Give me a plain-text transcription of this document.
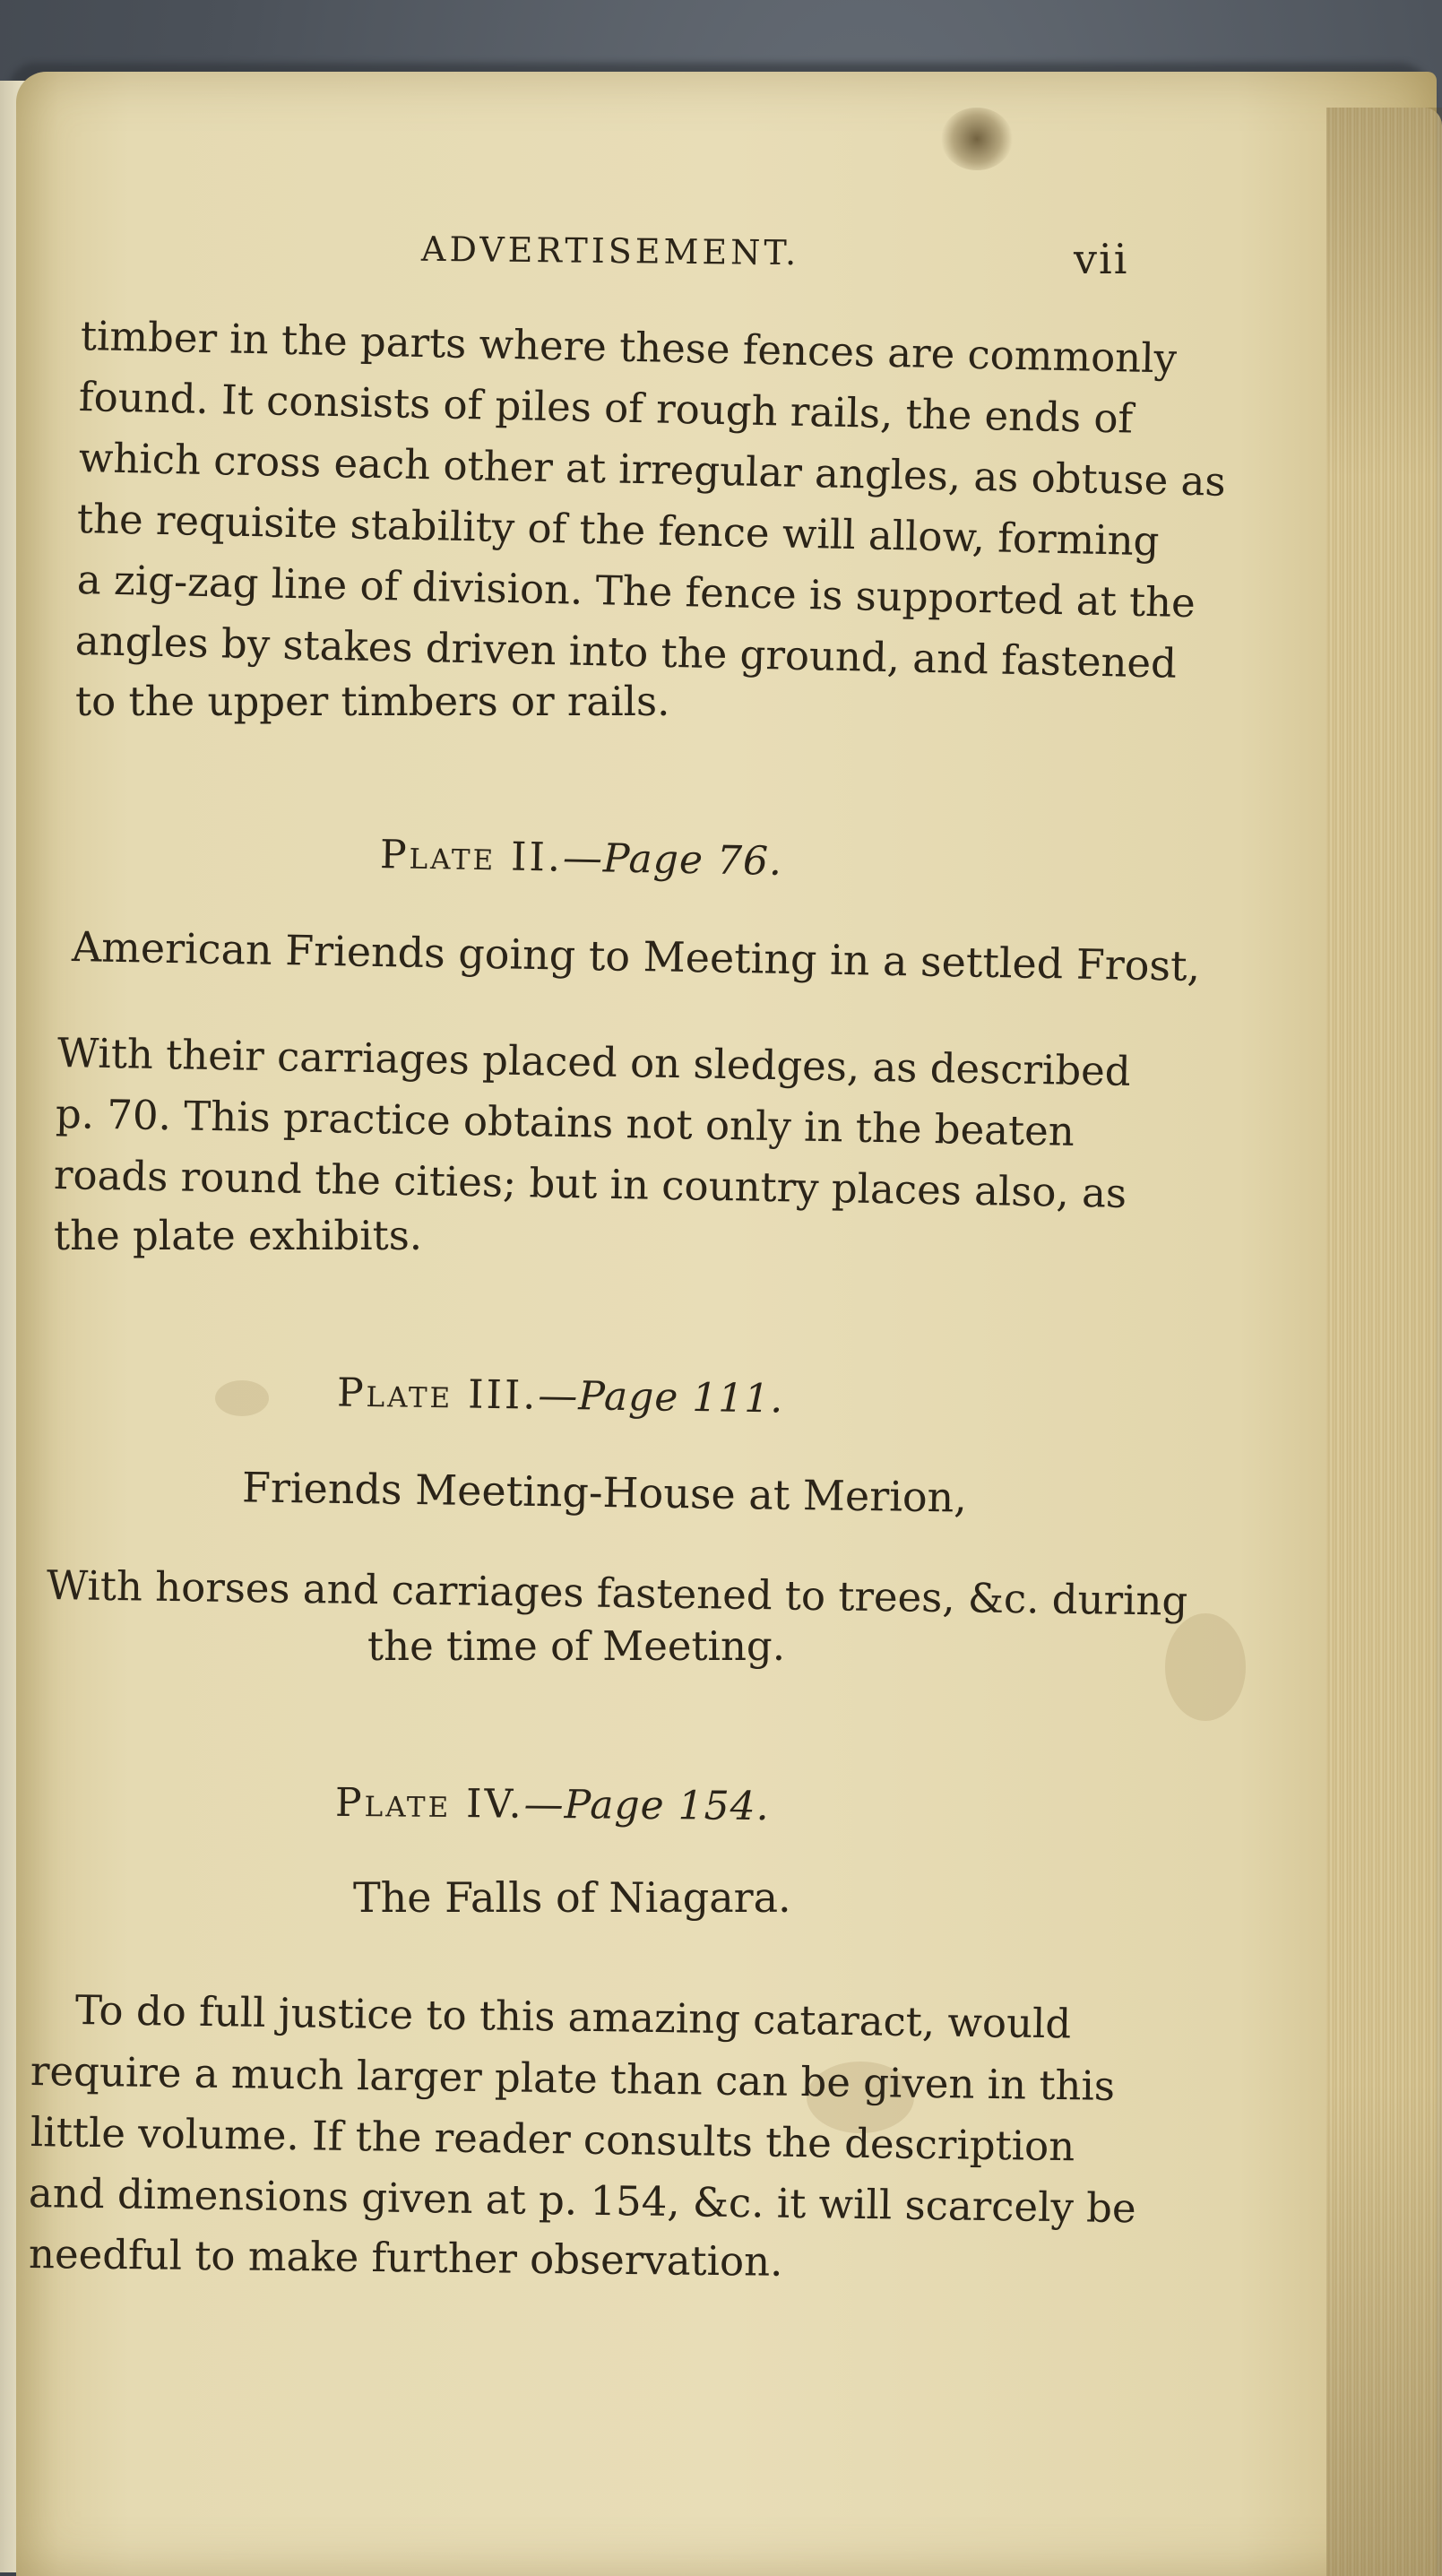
ADVERTISEMENT.	vii
timber in the parts where these fences are commonly
found. It consists of piles of rough rails, the ends of
which cross each other at irregular angles, as obtuse as
the requisite stability of the fence will allow, forming
a zig-zag line of division. The fence is supported at the
angles by stakes driven into the ground, and fastened
to the upper timbers or rails.
Plate II.—Page 76.
American Friends going to Meeting in a settled Frost,
With their carriages placed on sledges, as described
p. 70. This practice obtains not only in the beaten
roads round the cities; but in country places also, as
the plate exhibits.
Plate III.—Page 111.
Friends Meeting-House at Merion,
With horses and carriages fastened to trees, &c. during
the time of Meeting.
Plate IV.—Page 154.
The Falls of Niagara.
To do full justice to this amazing cataract, would
require a much larger plate than can be given in this
little volume. If the reader consults the description
and dimensions given at p. 154, &c. it will scarcely be
needful to make further observation.
